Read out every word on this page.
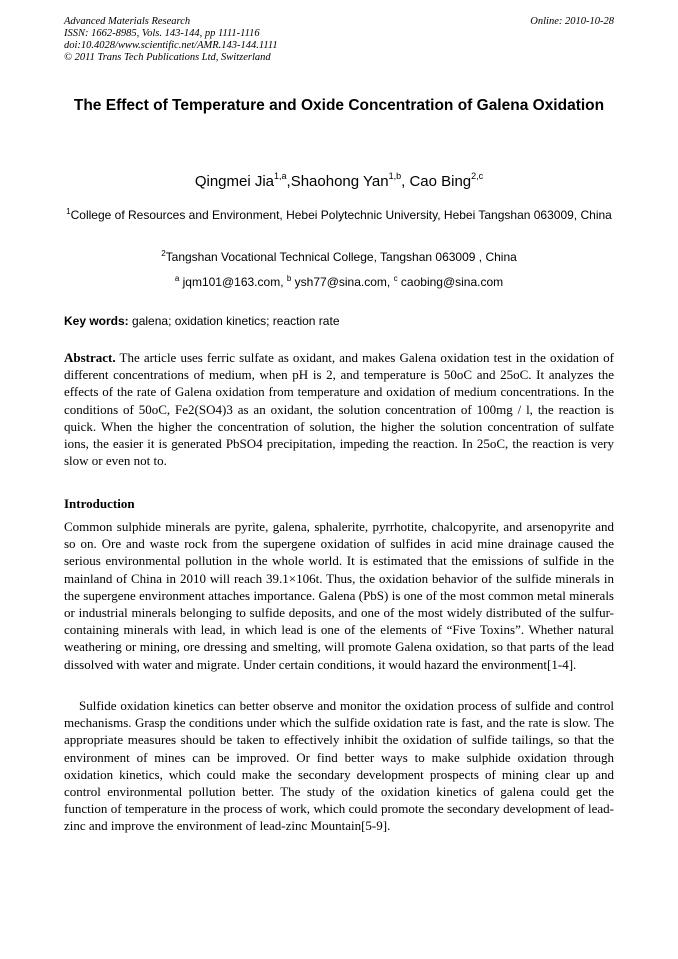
Advanced Materials Research
ISSN: 1662-8985, Vols. 143-144, pp 1111-1116
doi:10.4028/www.scientific.net/AMR.143-144.1111
© 2011 Trans Tech Publications Ltd, Switzerland
Online: 2010-10-28
The Effect of Temperature and Oxide Concentration of Galena Oxidation
Qingmei Jia$^{1,a}$,Shaohong Yan$^{1,b}$, Cao Bing$^{2,c}$
$^1$College of Resources and Environment, Hebei Polytechnic University, Hebei Tangshan 063009, China
$^2$Tangshan Vocational Technical College, Tangshan 063009 , China
$^a$ jqm101@163.com, $^b$ ysh77@sina.com, $^c$ caobing@sina.com
Key words: galena; oxidation kinetics; reaction rate

Abstract. The article uses ferric sulfate as oxidant, and makes Galena oxidation test in the oxidation of different concentrations of medium, when pH is 2, and temperature is 50oC and 25oC. It analyzes the effects of the rate of Galena oxidation from temperature and oxidation of medium concentrations. In the conditions of 50oC, Fe2(SO4)3 as an oxidant, the solution concentration of 100mg / l, the reaction is quick. When the higher the concentration of solution, the higher the solution concentration of sulfate ions, the easier it is generated PbSO4 precipitation, impeding the reaction. In 25oC, the reaction is very slow or even not to.

Introduction

Common sulphide minerals are pyrite, galena, sphalerite, pyrrhotite, chalcopyrite, and arsenopyrite and so on. Ore and waste rock from the supergene oxidation of sulfides in acid mine drainage caused the serious environmental pollution in the whole world. It is estimated that the emissions of sulfide in the mainland of China in 2010 will reach 39.1×106t. Thus, the oxidation behavior of the sulfide minerals in the supergene environment attaches importance. Galena (PbS) is one of the most common metal minerals or industrial minerals belonging to sulfide deposits, and one of the most widely distributed of the sulfur-containing minerals with lead, in which lead is one of the elements of “Five Toxins”. Whether natural weathering or mining, ore dressing and smelting, will promote Galena oxidation, so that parts of the lead dissolved with water and migrate. Under certain conditions, it would hazard the environment[1-4].

Sulfide oxidation kinetics can better observe and monitor the oxidation process of sulfide and control mechanisms. Grasp the conditions under which the sulfide oxidation rate is fast, and the rate is slow. The appropriate measures should be taken to effectively inhibit the oxidation of sulfide tailings, so that the environment of mines can be improved. Or find better ways to make sulphide oxidation through oxidation kinetics, which could make the secondary development prospects of mining clear up and control environmental pollution better. The study of the oxidation kinetics of galena could get the function of temperature in the process of work, which could promote the secondary development of lead-zinc and improve the environment of lead-zinc Mountain[5-9].
